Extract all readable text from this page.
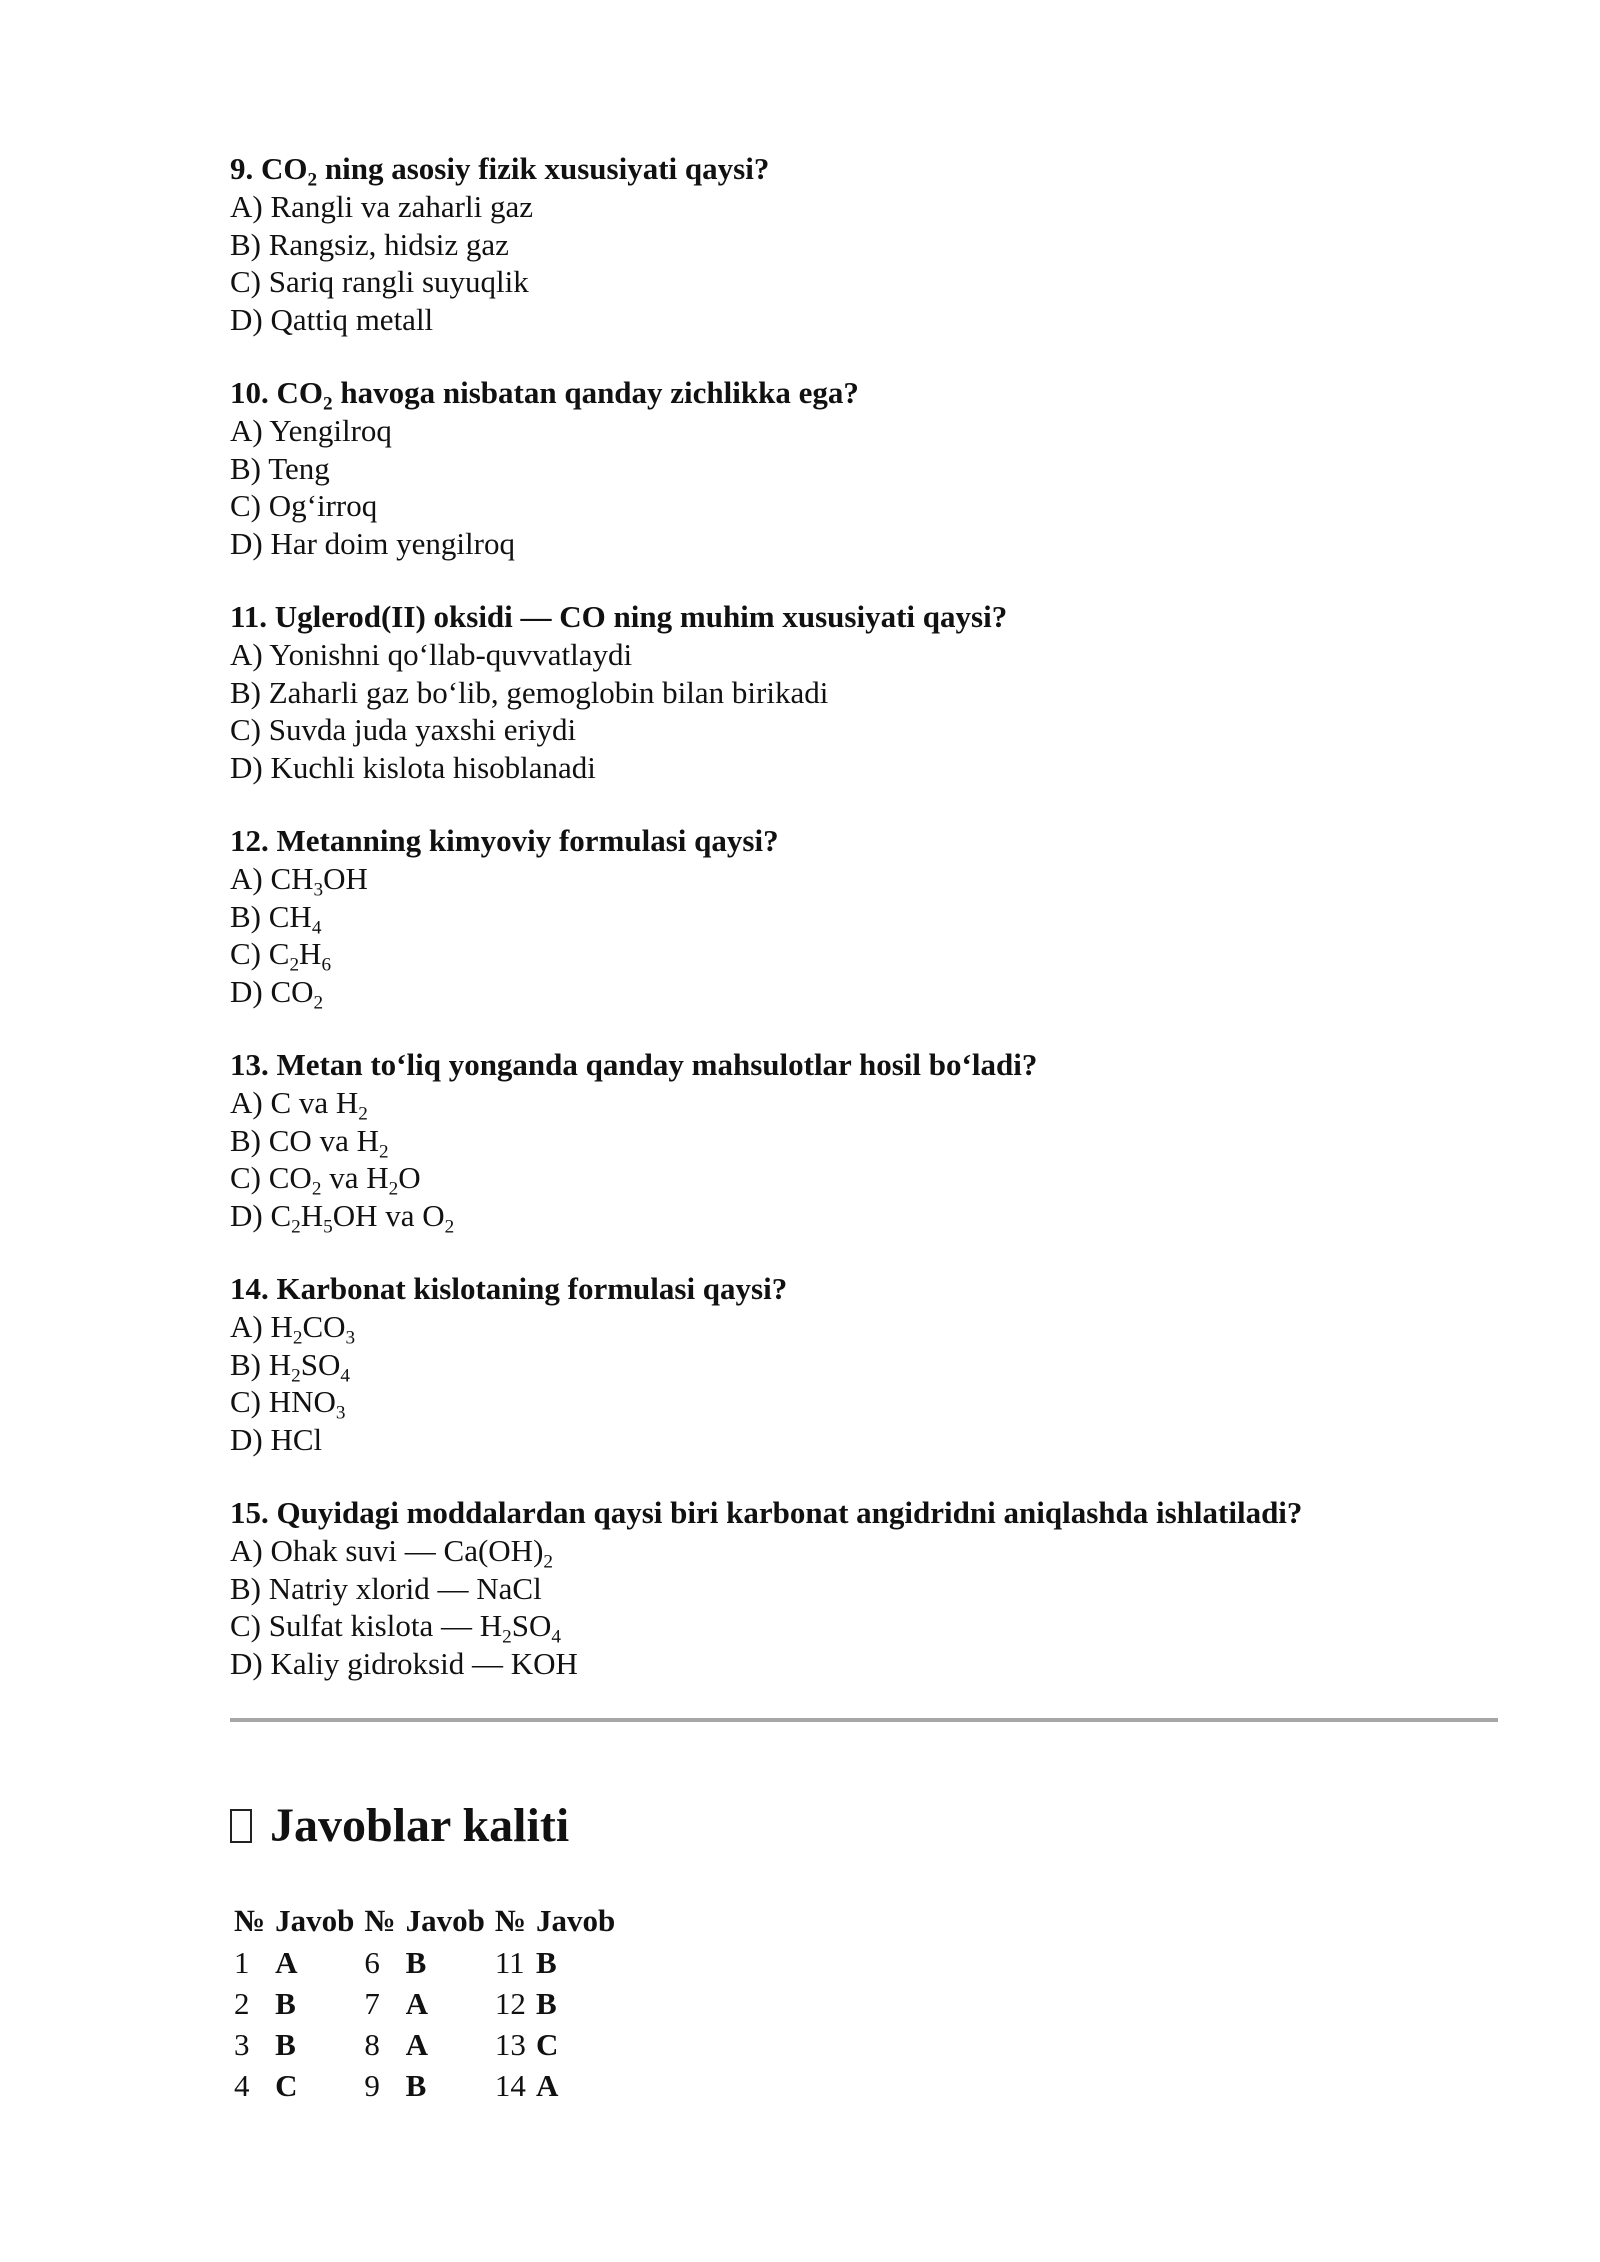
9. $CO_2$ ning asosiy fizik xususiyati qaysi?

A) Rangli va zaharli gaz

B) Rangsiz, hidsiz gaz

C) Sariq rangli suyuqlik

D) Qattiq metall

10. $CO_2$ havoga nisbatan qanday zichlikka ega?

A) Yengilroq

B) Teng

C) Og‘irroq

D) Har doim yengilroq

11. Uglerod(II) oksidi — CO ning muhim xususiyati qaysi?

A) Yonishni qo‘llab-quvvatlaydi

B) Zaharli gaz bo‘lib, gemoglobin bilan birikadi

C) Suvda juda yaxshi eriydi

D) Kuchli kislota hisoblanadi

12. Metanning kimyoviy formulasi qaysi?

A) $CH_3OH$

B) $CH_4$

C) $C_2H_6$

D) $CO_2$

13. Metan to‘liq yonganda qanday mahsulotlar hosil bo‘ladi?

A) C va $H_2$

B) CO va $H_2$

C) $CO_2$ va $H_2O$

D) $C_2H_5OH$ va $O_2$

14. Karbonat kislotaning formulasi qaysi?

A) $H_2CO_3$

B) $H_2SO_4$

C) $HNO_3$

D) HCl

15. Quyidagi moddalardan qaysi biri karbonat angidridni aniqlashda ishlatiladi?

A) Ohak suvi — $Ca(OH)_2$

B) Natriy xlorid — NaCl

C) Sulfat kislota — $H_2SO_4$

D) Kaliy gidroksid — KOH

Javoblar kaliti
№	Javob	№	Javob	№	Javob
1	A	6	B	11	B
2	B	7	A	12	B
3	B	8	A	13	C
4	C	9	B	14	A
